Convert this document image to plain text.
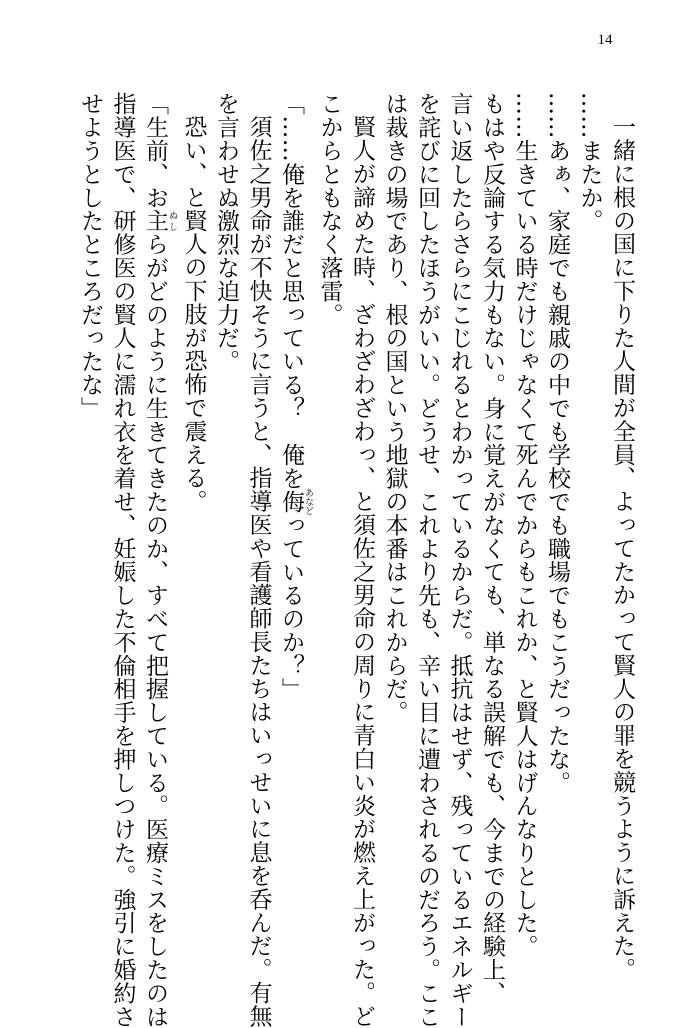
14

一緒に根の国に下りた人間が全員、よってたかって賢人の罪を競うように訴えた。

……またか。

……あぁ、家庭でも親戚の中でも学校でも職場でもこうだったな。

……生きている時だけじゃなくて死んでからもこれか、と賢人はげんなりとした。

もはや反論する気力もない。身に覚えがなくても、単なる誤解でも、今までの経験上、

言い返したらさらにこじれるとわかっているからだ。抵抗はせず、残っているエネルギー

を詫びに回したほうがいい。どうせ、これより先も、辛い目に遭わされるのだろう。ここ

は裁きの場であり、根の国という地獄の本番はこれからだ。

賢人が諦めた時、ざわざわざわっ、と須佐之男命の周りに青白い炎が燃え上がった。ど

こからともなく落雷。

「……俺を誰だと思っている？　俺を侮 あなどっているのか？」

須佐之男命が不快そうに言うと、指導医や看護師長たちはいっせいに息を呑んだ。有無

を言わせぬ激烈な迫力だ。

恐い、と賢人の下肢が恐怖で震える。

「生前、お主 ぬしらがどのように生きてきたのか、すべて把握している。医療ミスをしたのは

指導医で、研修医の賢人に濡れ衣を着せ、妊娠した不倫相手を押しつけた。強引に婚約さ

せようとしたところだったな」
